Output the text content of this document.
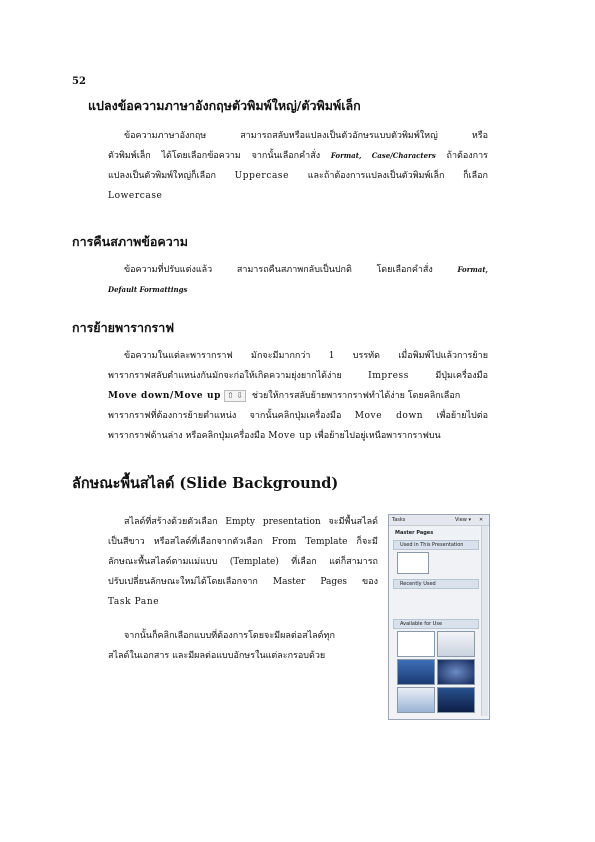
52
แปลงข้อความภาษาอังกฤษตัวพิมพ์ใหญ่/ตัวพิมพ์เล็ก
ข้อความภาษาอังกฤษ สามารถสลับหรือแปลงเป็นตัวอักษรแบบตัวพิมพ์ใหญ่ หรือ
ตัวพิมพ์เล็ก ได้โดยเลือกข้อความ จากนั้นเลือกคำสั่ง Format, Case/Characters ถ้าต้องการ
แปลงเป็นตัวพิมพ์ใหญ่ก็เลือก Uppercase และถ้าต้องการแปลงเป็นตัวพิมพ์เล็ก ก็เลือก
Lowercase
การคืนสภาพข้อความ
ข้อความที่ปรับแต่งแล้ว สามารถคืนสภาพกลับเป็นปกติ โดยเลือกคำสั่ง Format,
Default Formattings
การย้ายพารากราฟ
ข้อความในแต่ละพารากราฟ มักจะมีมากกว่า 1 บรรทัด เมื่อพิมพ์ไปแล้วการย้าย
พารากราฟสลับตำแหน่งกันมักจะก่อให้เกิดความยุ่งยากได้ง่าย Impress มีปุ่มเครื่องมือ
Move down/Move up ⇧ ⇩ ช่วยให้การสลับย้ายพารากราฟทำได้ง่าย โดยคลิกเลือก
พารากราฟที่ต้องการย้ายตำแหน่ง จากนั้นคลิกปุ่มเครื่องมือ Move down เพื่อย้ายไปต่อ
พารากราฟด้านล่าง หรือคลิกปุ่มเครื่องมือ Move up เพื่อย้ายไปอยู่เหนือพารากราฟบน
ลักษณะพื้นสไลด์ (Slide Background)
สไลด์ที่สร้างด้วยตัวเลือก Empty presentation จะมีพื้นสไลด์
เป็นสีขาว หรือสไลด์ที่เลือกจากตัวเลือก From Template ก็จะมี
ลักษณะพื้นสไลด์ตามแม่แบบ (Template) ที่เลือก แต่ก็สามารถ
ปรับเปลี่ยนลักษณะใหม่ได้โดยเลือกจาก Master Pages ของ
Task Pane
จากนั้นก็คลิกเลือกแบบที่ต้องการโดยจะมีผลต่อสไลด์ทุก
สไลด์ในเอกสาร และมีผลต่อแบบอักษรในแต่ละกรอบด้วย
Tasks	View ▾ ✕
Master Pages
Used in This Presentation
Recently Used
Available for Use
